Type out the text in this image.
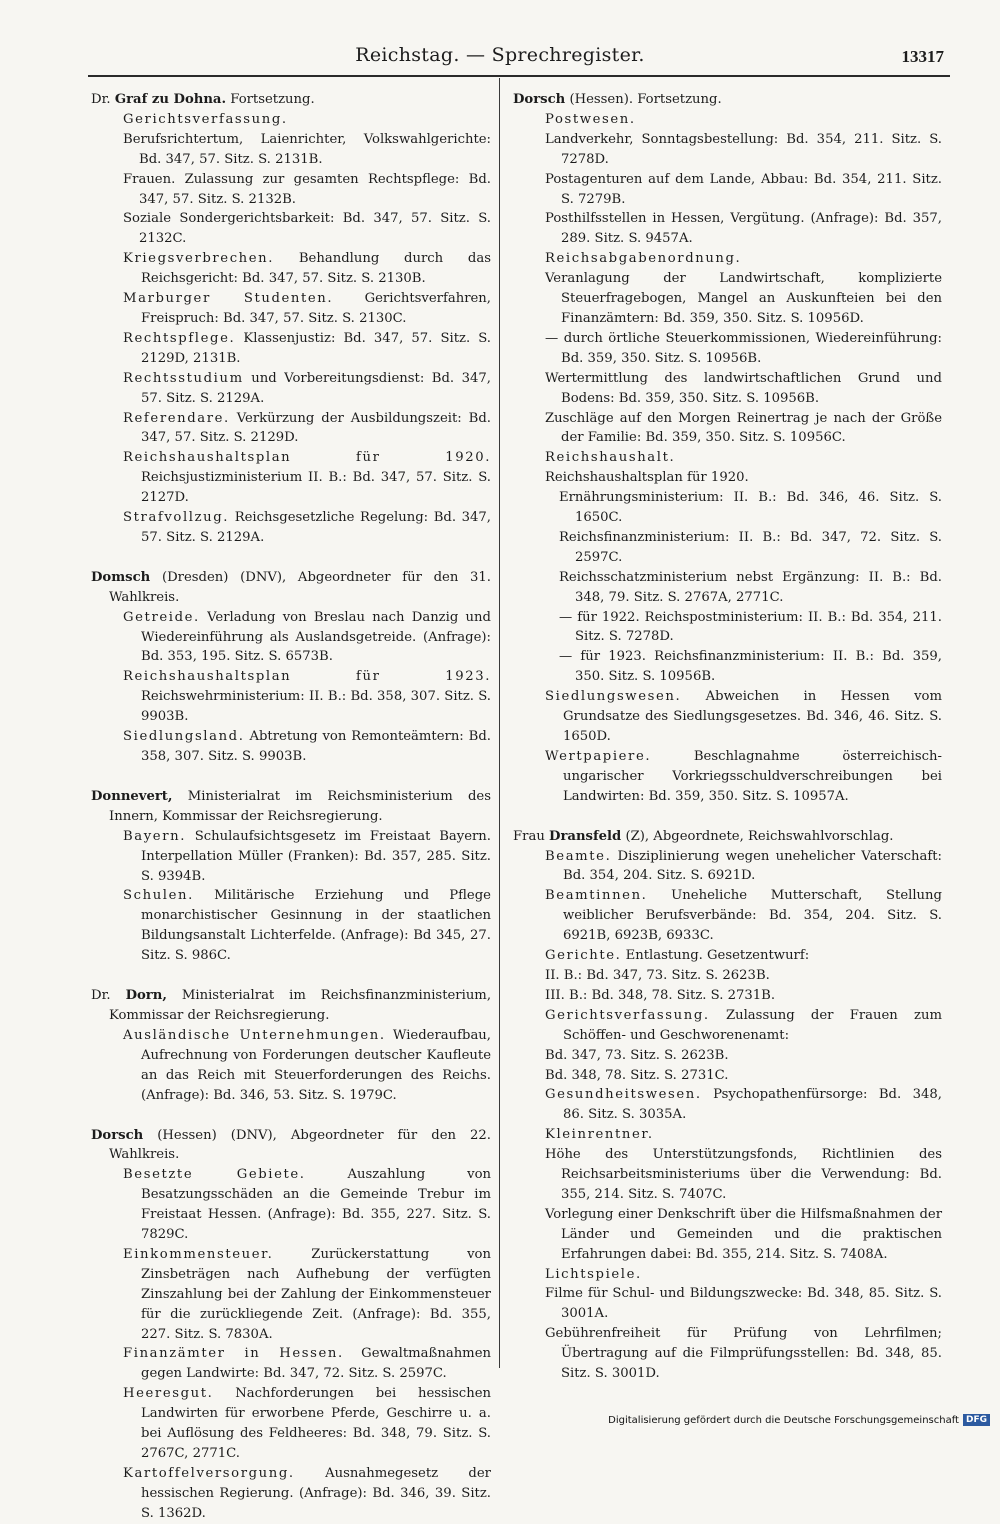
Reichstag. — Sprechregister.	13317

Dr. Graf zu Dohna. Fortsetzung.

Gerichtsverfassung.

Berufsrichtertum, Laienrichter, Volkswahlgerichte: Bd. 347, 57. Sitz. S. 2131B.

Frauen. Zulassung zur gesamten Rechtspflege: Bd. 347, 57. Sitz. S. 2132B.

Soziale Sondergerichtsbarkeit: Bd. 347, 57. Sitz. S. 2132C.

Kriegsverbrechen. Behandlung durch das Reichsgericht: Bd. 347, 57. Sitz. S. 2130B.

Marburger Studenten. Gerichtsverfahren, Freispruch: Bd. 347, 57. Sitz. S. 2130C.

Rechtspflege. Klassenjustiz: Bd. 347, 57. Sitz. S. 2129D, 2131B.

Rechtsstudium und Vorbereitungsdienst: Bd. 347, 57. Sitz. S. 2129A.

Referendare. Verkürzung der Ausbildungszeit: Bd. 347, 57. Sitz. S. 2129D.

Reichshaushaltsplan für 1920. Reichsjustizministerium II. B.: Bd. 347, 57. Sitz. S. 2127D.

Strafvollzug. Reichsgesetzliche Regelung: Bd. 347, 57. Sitz. S. 2129A.

Domsch (Dresden) (DNV), Abgeordneter für den 31. Wahlkreis.

Getreide. Verladung von Breslau nach Danzig und Wiedereinführung als Auslandsgetreide. (Anfrage): Bd. 353, 195. Sitz. S. 6573B.

Reichshaushaltsplan für 1923. Reichswehrministerium: II. B.: Bd. 358, 307. Sitz. S. 9903B.

Siedlungsland. Abtretung von Remonteämtern: Bd. 358, 307. Sitz. S. 9903B.

Donnevert, Ministerialrat im Reichsministerium des Innern, Kommissar der Reichsregierung.

Bayern. Schulaufsichtsgesetz im Freistaat Bayern. Interpellation Müller (Franken): Bd. 357, 285. Sitz. S. 9394B.

Schulen. Militärische Erziehung und Pflege monarchistischer Gesinnung in der staatlichen Bildungsanstalt Lichterfelde. (Anfrage): Bd 345, 27. Sitz. S. 986C.

Dr. Dorn, Ministerialrat im Reichsfinanzministerium, Kommissar der Reichsregierung.

Ausländische Unternehmungen. Wiederaufbau, Aufrechnung von Forderungen deutscher Kaufleute an das Reich mit Steuerforderungen des Reichs. (Anfrage): Bd. 346, 53. Sitz. S. 1979C.

Dorsch (Hessen) (DNV), Abgeordneter für den 22. Wahlkreis.

Besetzte Gebiete.	Auszahlung von Besatzungsschäden an die Gemeinde Trebur im Freistaat Hessen. (Anfrage): Bd. 355, 227. Sitz. S. 7829C.

Einkommensteuer.	Zurückerstattung von Zinsbeträgen nach Aufhebung der verfügten Zinszahlung bei der Zahlung der Einkommensteuer für die zurückliegende Zeit. (Anfrage): Bd. 355, 227. Sitz. S. 7830A.

Finanzämter in Hessen. Gewaltmaßnahmen gegen Landwirte: Bd. 347, 72. Sitz. S. 2597C.

Heeresgut. Nachforderungen bei hessischen Landwirten für erworbene Pferde, Geschirre u. a. bei Auflösung des Feldheeres: Bd. 348, 79. Sitz. S. 2767C, 2771C.

Kartoffelversorgung. Ausnahmegesetz der hessischen Regierung. (Anfrage): Bd. 346, 39. Sitz. S. 1362D.

Dorsch (Hessen). Fortsetzung.

Postwesen.

Landverkehr, Sonntagsbestellung: Bd. 354, 211. Sitz. S. 7278D.

Postagenturen auf dem Lande, Abbau: Bd. 354, 211. Sitz. S. 7279B.

Posthilfsstellen in Hessen, Vergütung. (Anfrage): Bd. 357, 289. Sitz. S. 9457A.

Reichsabgabenordnung.

Veranlagung der Landwirtschaft, komplizierte Steuerfragebogen, Mangel an Auskunfteien bei den Finanzämtern: Bd. 359, 350. Sitz. S. 10956D.

— durch örtliche Steuerkommissionen, Wiedereinführung: Bd. 359, 350. Sitz. S. 10956B.

Wertermittlung des landwirtschaftlichen Grund und Bodens: Bd. 359, 350. Sitz. S. 10956B.

Zuschläge auf den Morgen Reinertrag je nach der Größe der Familie: Bd. 359, 350. Sitz. S. 10956C.

Reichshaushalt.

Reichshaushaltsplan für 1920.

Ernährungsministerium: II. B.: Bd. 346, 46. Sitz. S. 1650C.

Reichsfinanzministerium: II. B.: Bd. 347, 72. Sitz. S. 2597C.

Reichsschatzministerium nebst Ergänzung: II. B.: Bd. 348, 79. Sitz. S. 2767A, 2771C.

— für 1922. Reichspostministerium: II. B.: Bd. 354, 211. Sitz. S. 7278D.

— für 1923. Reichsfinanzministerium: II. B.: Bd. 359, 350. Sitz. S. 10956B.

Siedlungswesen. Abweichen in Hessen vom Grundsatze des Siedlungsgesetzes. Bd. 346, 46. Sitz. S. 1650D.

Wertpapiere.	Beschlagnahme österreichisch-ungarischer Vorkriegsschuldverschreibungen bei Landwirten: Bd. 359, 350. Sitz. S. 10957A.

Frau Dransfeld (Z), Abgeordnete, Reichswahlvorschlag.

Beamte. Disziplinierung wegen unehelicher Vaterschaft: Bd. 354, 204. Sitz. S. 6921D.

Beamtinnen. Uneheliche Mutterschaft, Stellung weiblicher Berufsverbände: Bd. 354, 204. Sitz. S. 6921B, 6923B, 6933C.

Gerichte. Entlastung. Gesetzentwurf:

II. B.: Bd. 347, 73. Sitz. S. 2623B.

III. B.: Bd. 348, 78. Sitz. S. 2731B.

Gerichtsverfassung. Zulassung der Frauen zum Schöffen- und Geschworenenamt:

Bd. 347, 73. Sitz. S. 2623B.

Bd. 348, 78. Sitz. S. 2731C.

Gesundheitswesen. Psychopathenfürsorge: Bd. 348, 86. Sitz. S. 3035A.

Kleinrentner.

Höhe des Unterstützungsfonds, Richtlinien des Reichsarbeitsministeriums über die Verwendung: Bd. 355, 214. Sitz. S. 7407C.

Vorlegung einer Denkschrift über die Hilfsmaßnahmen der Länder und Gemeinden und die praktischen Erfahrungen dabei: Bd. 355, 214. Sitz. S. 7408A.

Lichtspiele.

Filme für Schul- und Bildungszwecke: Bd. 348, 85. Sitz. S. 3001A.

Gebührenfreiheit für Prüfung von Lehrfilmen; Übertragung auf die Filmprüfungsstellen: Bd. 348, 85. Sitz. S. 3001D.

Digitalisierung gefördert durch die Deutsche Forschungsgemeinschaft DFG
